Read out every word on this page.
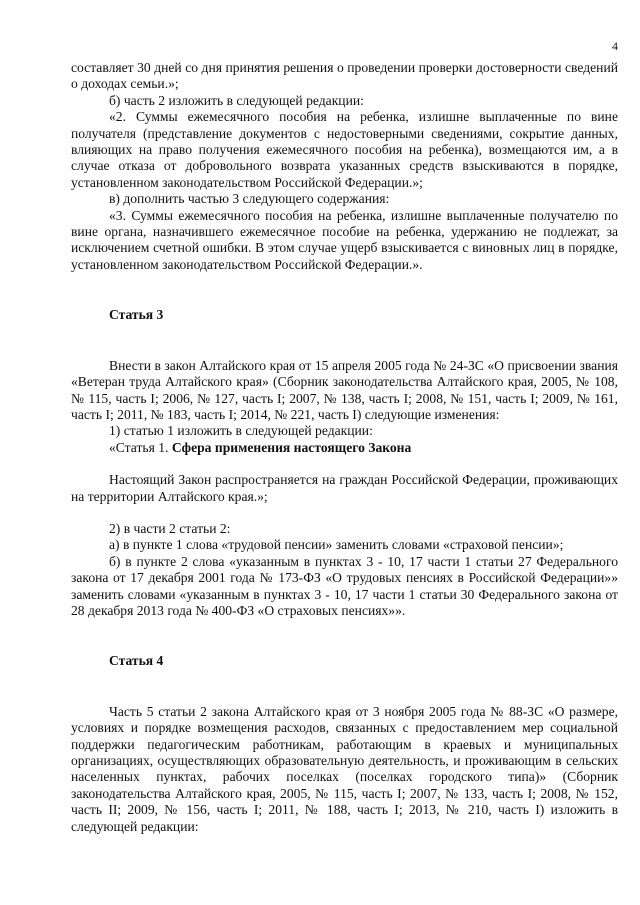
4

составляет 30 дней со дня принятия решения о проведении проверки достоверности сведений о доходах семьи.»;

б) часть 2 изложить в следующей редакции:

«2. Суммы ежемесячного пособия на ребенка, излишне выплаченные по вине получателя (представление документов с недостоверными сведениями, сокрытие данных, влияющих на право получения ежемесячного пособия на ребенка), возмещаются им, а в случае отказа от добровольного возврата указанных средств взыскиваются в порядке, установленном законодательством Российской Федерации.»;

в) дополнить частью 3 следующего содержания:

«3. Суммы ежемесячного пособия на ребенка, излишне выплаченные получателю по вине органа, назначившего ежемесячное пособие на ребенка, удержанию не подлежат, за исключением счетной ошибки. В этом случае ущерб взыскивается с виновных лиц в порядке, установленном законодательством Российской Федерации.».

Статья 3

Внести в закон Алтайского края от 15 апреля 2005 года № 24-ЗС «О присвоении звания «Ветеран труда Алтайского края» (Сборник законодательства Алтайского края, 2005, № 108, № 115, часть I; 2006, № 127, часть I; 2007, № 138, часть I; 2008, № 151, часть I; 2009, № 161, часть I; 2011, № 183, часть I; 2014, № 221, часть I) следующие изменения:

1) статью 1 изложить в следующей редакции:

«Статья 1. Сфера применения настоящего Закона

Настоящий Закон распространяется на граждан Российской Федерации, проживающих на территории Алтайского края.»;

2) в части 2 статьи 2:

а) в пункте 1 слова «трудовой пенсии» заменить словами «страховой пенсии»;

б) в пункте 2 слова «указанным в пунктах 3 - 10, 17 части 1 статьи 27 Федерального закона от 17 декабря 2001 года № 173-ФЗ «О трудовых пенсиях в Российской Федерации»» заменить словами «указанным в пунктах 3 - 10, 17 части 1 статьи 30 Федерального закона от 28 декабря 2013 года № 400-ФЗ «О страховых пенсиях»».

Статья 4

Часть 5 статьи 2 закона Алтайского края от 3 ноября 2005 года № 88-ЗС «О размере, условиях и порядке возмещения расходов, связанных с предоставлением мер социальной поддержки педагогическим работникам, работающим в краевых и муниципальных организациях, осуществляющих образовательную деятельность, и проживающим в сельских населенных пунктах, рабочих поселках (поселках городского типа)» (Сборник законодательства Алтайского края, 2005, № 115, часть I; 2007, № 133, часть I; 2008, № 152, часть II; 2009, № 156, часть I; 2011, № 188, часть I; 2013, № 210, часть I) изложить в следующей редакции:
